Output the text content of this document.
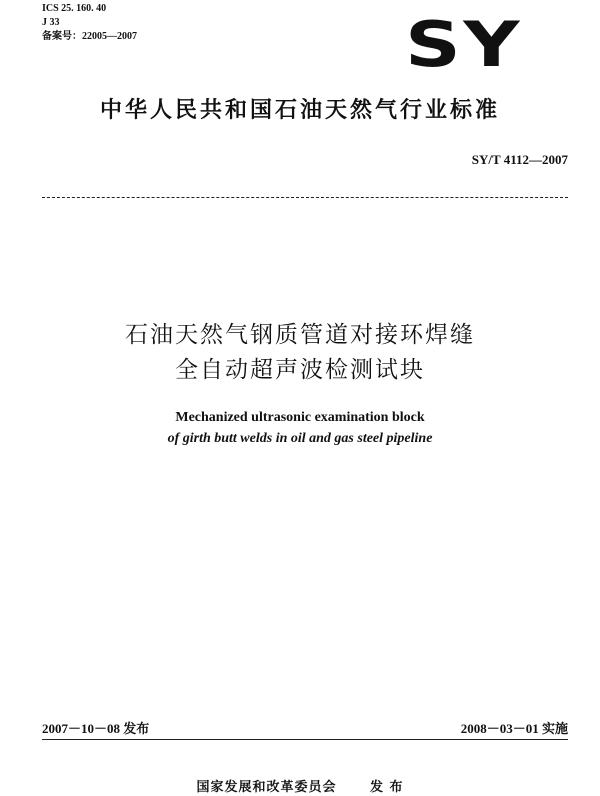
ICS 25. 160. 40
J 33
备案号：22005—2007	SY
中华人民共和国石油天然气行业标准
SY/T 4112—2007
石油天然气钢质管道对接环焊缝
全自动超声波检测试块
Mechanized ultrasonic examination block
of girth butt welds in oil and gas steel pipeline
2007－10－08 发布	2008－03－01 实施
国家发展和改革委员会	发 布
